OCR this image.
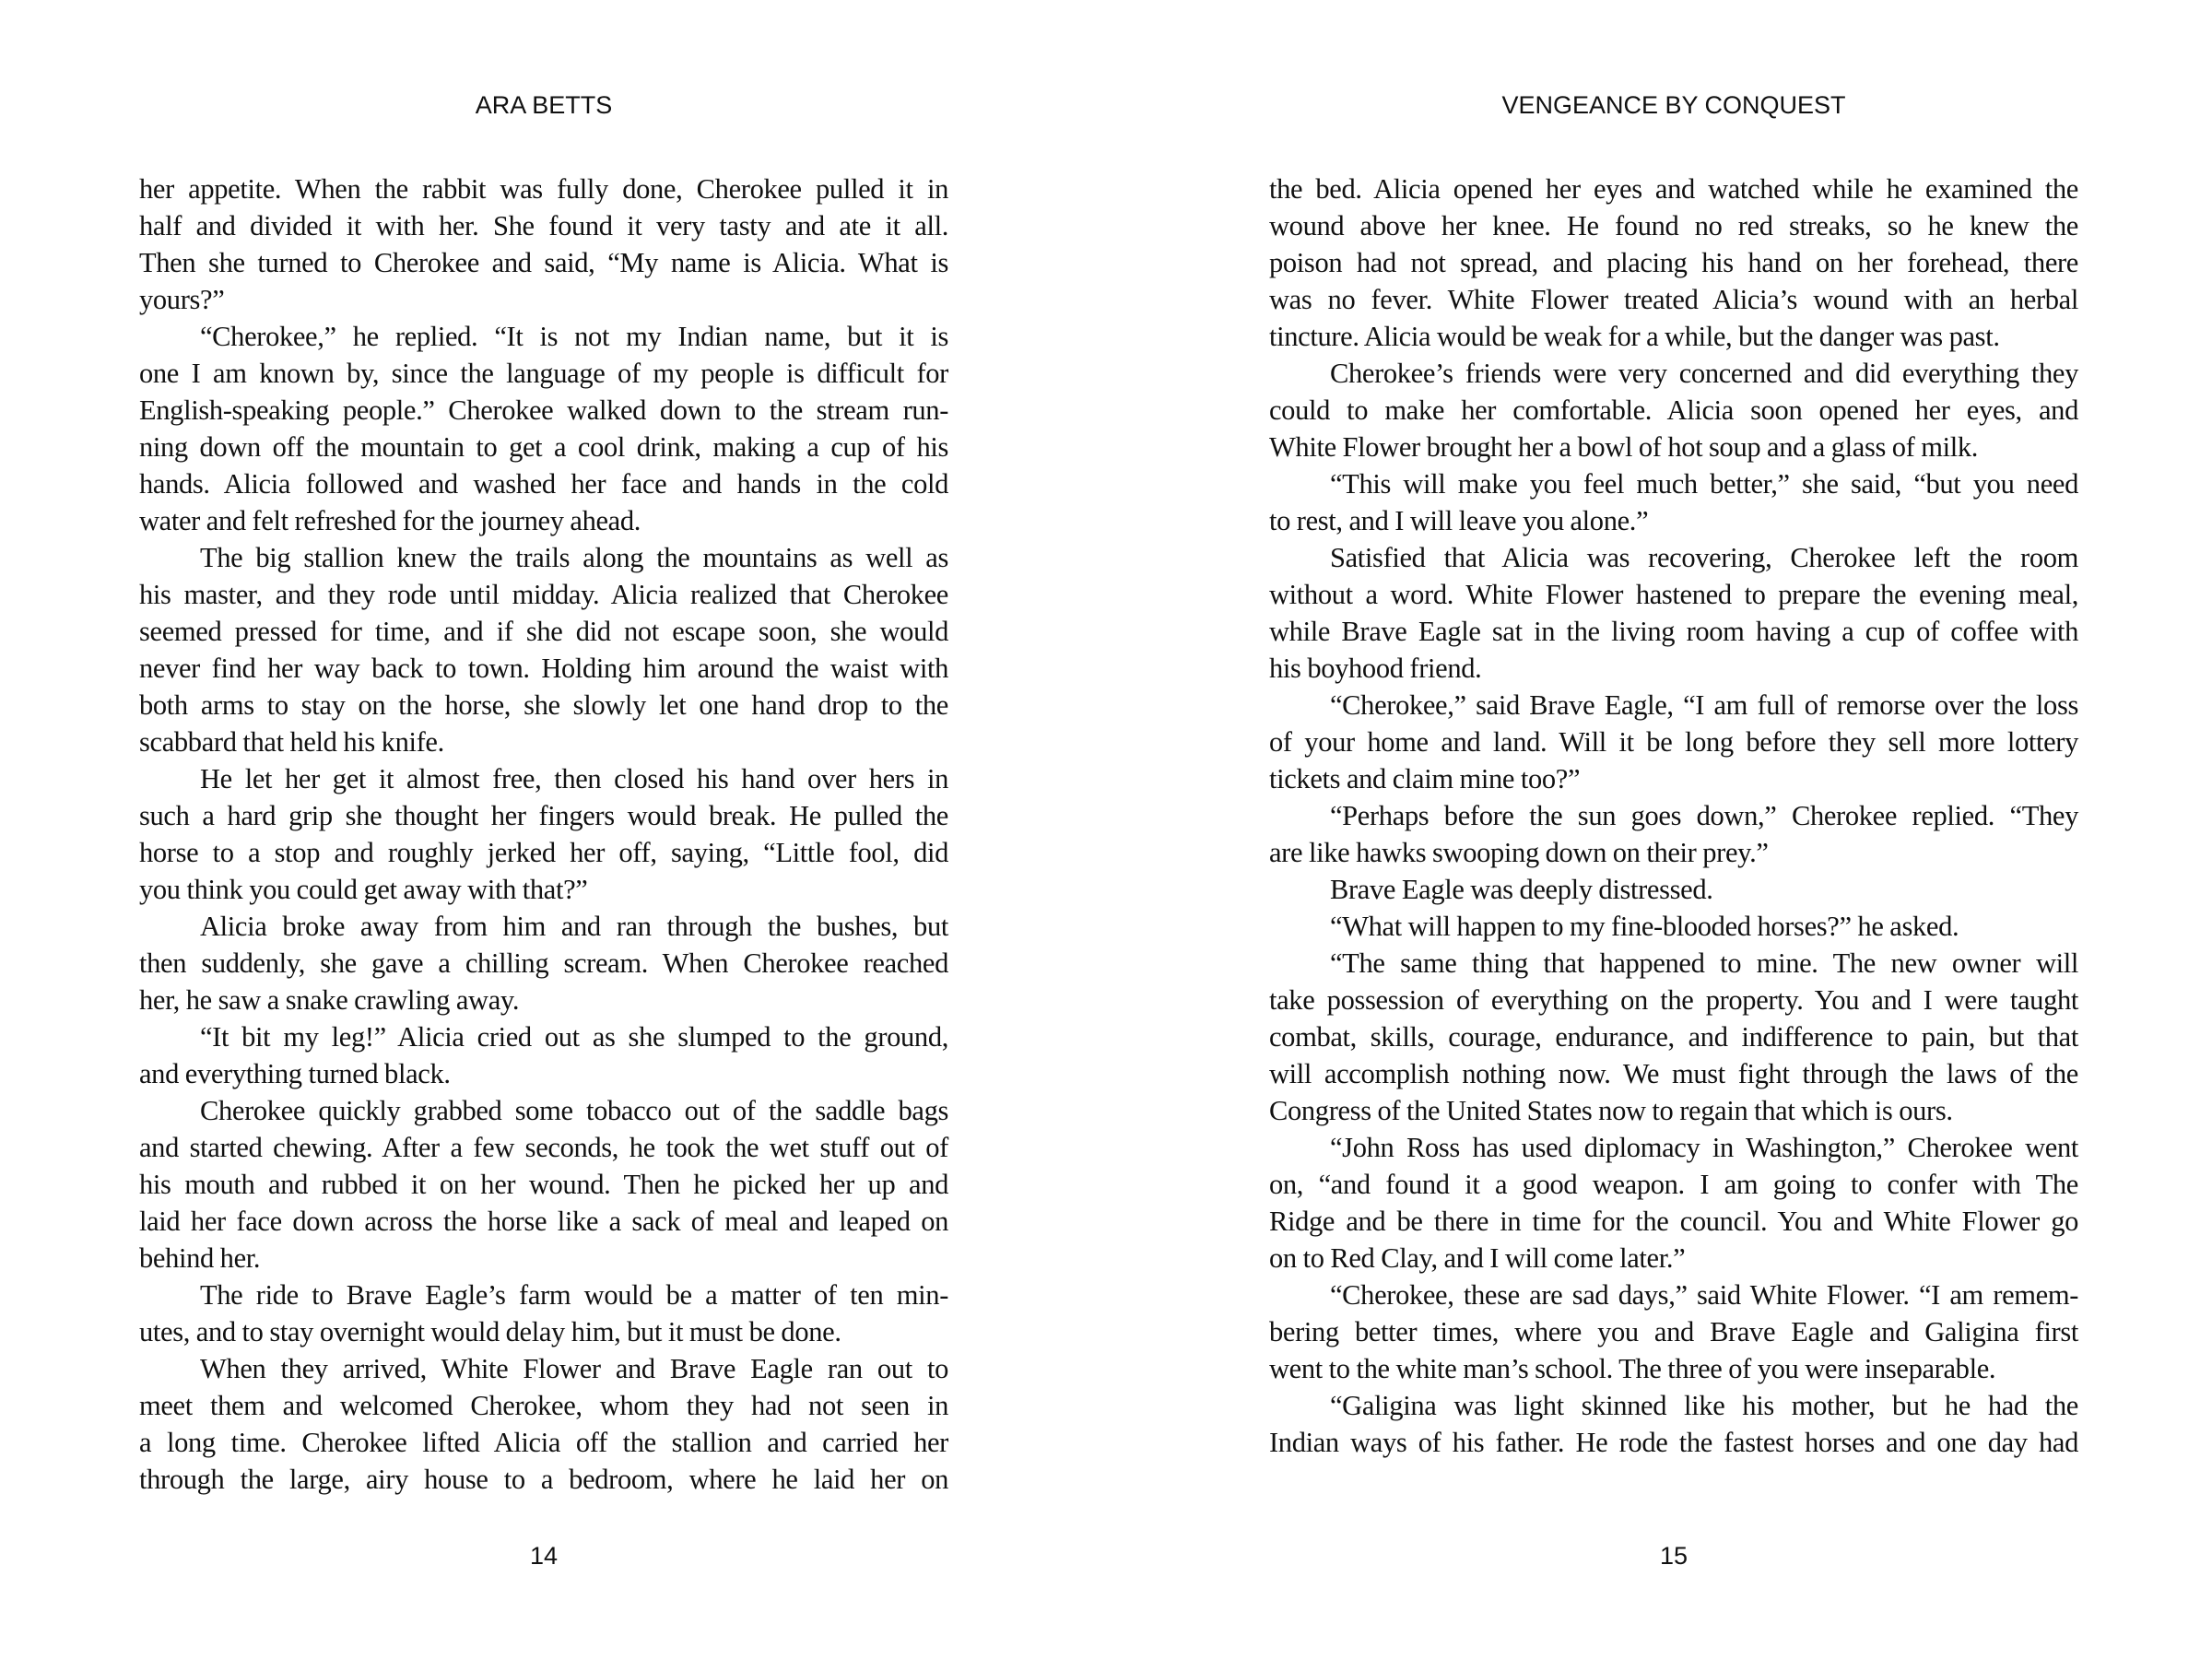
ARA BETTS
her appetite. When the rabbit was fully done, Cherokee pulled it in
half and divided it with her. She found it very tasty and ate it all.
Then she turned to Cherokee and said, “My name is Alicia. What is
yours?”
“Cherokee,” he replied. “It is not my Indian name, but it is
one I am known by, since the language of my people is difficult for
English-speaking people.” Cherokee walked down to the stream run-
ning down off the mountain to get a cool drink, making a cup of his
hands. Alicia followed and washed her face and hands in the cold
water and felt refreshed for the journey ahead.
The big stallion knew the trails along the mountains as well as
his master, and they rode until midday. Alicia realized that Cherokee
seemed pressed for time, and if she did not escape soon, she would
never find her way back to town. Holding him around the waist with
both arms to stay on the horse, she slowly let one hand drop to the
scabbard that held his knife.
He let her get it almost free, then closed his hand over hers in
such a hard grip she thought her fingers would break. He pulled the
horse to a stop and roughly jerked her off, saying, “Little fool, did
you think you could get away with that?”
Alicia broke away from him and ran through the bushes, but
then suddenly, she gave a chilling scream. When Cherokee reached
her, he saw a snake crawling away.
“It bit my leg!” Alicia cried out as she slumped to the ground,
and everything turned black.
Cherokee quickly grabbed some tobacco out of the saddle bags
and started chewing. After a few seconds, he took the wet stuff out of
his mouth and rubbed it on her wound. Then he picked her up and
laid her face down across the horse like a sack of meal and leaped on
behind her.
The ride to Brave Eagle’s farm would be a matter of ten min-
utes, and to stay overnight would delay him, but it must be done.
When they arrived, White Flower and Brave Eagle ran out to
meet them and welcomed Cherokee, whom they had not seen in
a long time. Cherokee lifted Alicia off the stallion and carried her
through the large, airy house to a bedroom, where he laid her on
14
VENGEANCE BY CONQUEST
the bed. Alicia opened her eyes and watched while he examined the
wound above her knee. He found no red streaks, so he knew the
poison had not spread, and placing his hand on her forehead, there
was no fever. White Flower treated Alicia’s wound with an herbal
tincture. Alicia would be weak for a while, but the danger was past.
Cherokee’s friends were very concerned and did everything they
could to make her comfortable. Alicia soon opened her eyes, and
White Flower brought her a bowl of hot soup and a glass of milk.
“This will make you feel much better,” she said, “but you need
to rest, and I will leave you alone.”
Satisfied that Alicia was recovering, Cherokee left the room
without a word. White Flower hastened to prepare the evening meal,
while Brave Eagle sat in the living room having a cup of coffee with
his boyhood friend.
“Cherokee,” said Brave Eagle, “I am full of remorse over the loss
of your home and land. Will it be long before they sell more lottery
tickets and claim mine too?”
“Perhaps before the sun goes down,” Cherokee replied. “They
are like hawks swooping down on their prey.”
Brave Eagle was deeply distressed.
“What will happen to my fine-blooded horses?” he asked.
“The same thing that happened to mine. The new owner will
take possession of everything on the property. You and I were taught
combat, skills, courage, endurance, and indifference to pain, but that
will accomplish nothing now. We must fight through the laws of the
Congress of the United States now to regain that which is ours.
“John Ross has used diplomacy in Washington,” Cherokee went
on, “and found it a good weapon. I am going to confer with The
Ridge and be there in time for the council. You and White Flower go
on to Red Clay, and I will come later.”
“Cherokee, these are sad days,” said White Flower. “I am remem-
bering better times, where you and Brave Eagle and Galigina first
went to the white man’s school. The three of you were inseparable.
“Galigina was light skinned like his mother, but he had the
Indian ways of his father. He rode the fastest horses and one day had
15
